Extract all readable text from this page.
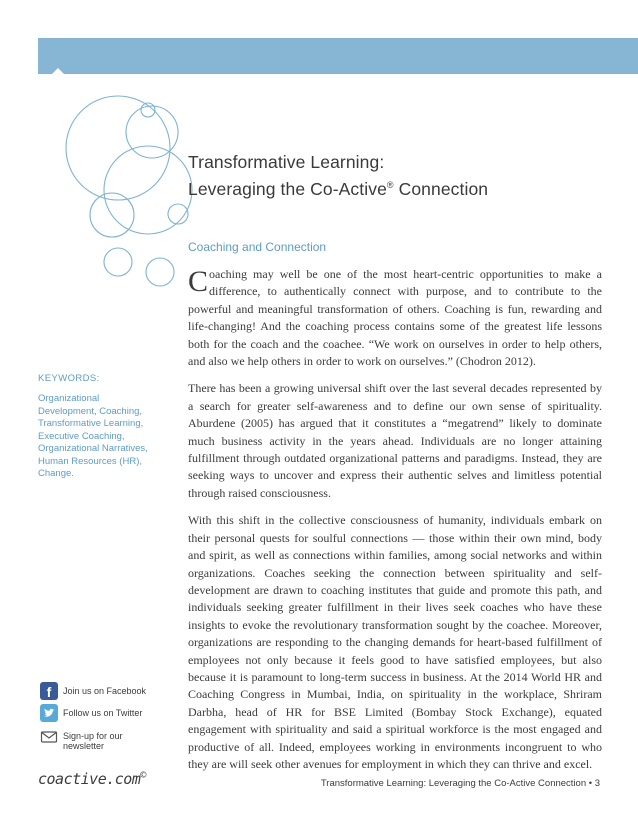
Transformative Learning:
Leveraging the Co-Active® Connection
Coaching and Connection

Coaching may well be one of the most heart-centric opportunities to make a difference, to authentically connect with purpose, and to contribute to the powerful and meaningful transformation of others. Coaching is fun, rewarding and life-changing! And the coaching process contains some of the greatest life lessons both for the coach and the coachee. “We work on ourselves in order to help others, and also we help others in order to work on ourselves.” (Chodron 2012).

There has been a growing universal shift over the last several decades represented by a search for greater self-awareness and to define our own sense of spirituality. Aburdene (2005) has argued that it constitutes a “megatrend” likely to dominate much business activity in the years ahead. Individuals are no longer attaining fulfillment through outdated organizational patterns and paradigms. Instead, they are seeking ways to uncover and express their authentic selves and limitless potential through raised consciousness.

With this shift in the collective consciousness of humanity, individuals embark on their personal quests for soulful connections — those within their own mind, body and spirit, as well as connections within families, among social networks and within organizations. Coaches seeking the connection between spirituality and self-development are drawn to coaching institutes that guide and promote this path, and individuals seeking greater fulfillment in their lives seek coaches who have these insights to evoke the revolutionary transformation sought by the coachee. Moreover, organizations are responding to the changing demands for heart-based fulfillment of employees not only because it feels good to have satisfied employees, but also because it is paramount to long-term success in business. At the 2014 World HR and Coaching Congress in Mumbai, India, on spirituality in the workplace, Shriram Darbha, head of HR for BSE Limited (Bombay Stock Exchange), equated engagement with spirituality and said a spiritual workforce is the most engaged and productive of all. Indeed, employees working in environments incongruent to who they are will seek other avenues for employment in which they can thrive and excel.

KEYWORDS:
Organizational
Development, Coaching,
Transformative Learning,
Executive Coaching,
Organizational Narratives,
Human Resources (HR),
Change.
f	Join us on Facebook
Follow us on Twitter
Sign-up for our
newsletter
coactive.com©
Transformative Learning: Leveraging the Co-Active Connection • 3
